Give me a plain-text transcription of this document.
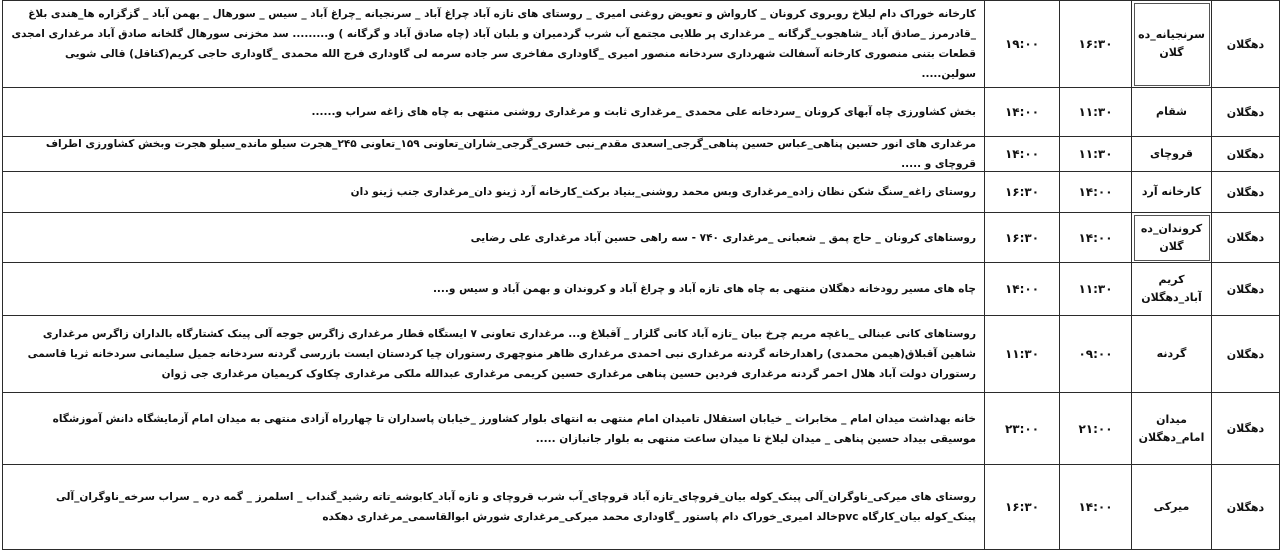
دهگلان
سرنجیانه_ده گلان
۱۶:۳۰
۱۹:۰۰
کارخانه خوراک دام لیلاخ روبروی کرونان _ کارواش و تعویض روغنی امیری _ روستای های تازه آباد چراغ آباد _ سرنجیانه _چراغ آباد _ سیس _ سورهال _ بهمن آباد _ گزگزاره ها_هندی بلاغ _قادرمرز _صادق آباد _شاهجوب_گرگانه _ مرغداری پر طلایی مجتمع آب شرب گردمیران و بلبان آباد (چاه صادق آباد و گرگانه ) و......... سد مخزنی سورهال گلخانه صادق آباد مرغداری امجدی قطعات بتنی منصوری کارخانه آسفالت شهرداری سردخانه منصور امیری _گاوداری مفاخری سر جاده سرمه لی گاوداری فرج الله محمدی _گاوداری حاجی کریم(کتاقل) قالی شویی سولین.....
دهگلان
شقام
۱۱:۳۰
۱۴:۰۰
بخش کشاورزی چاه آبهای کرونان _سردخانه علی محمدی _مرغداری ثابت و مرغداری روشنی منتهی به چاه های زاغه سراب و......
دهگلان
قروچای
۱۱:۳۰
۱۴:۰۰
مرغداری های انور حسین پناهی_عباس حسین پناهی_گرجی_اسعدی مقدم_نبی خسری_گرجی_شاران_تعاونی ۱۵۹_تعاونی ۲۴۵_هجرت سیلو مانده_سیلو هجرت وبخش کشاورزی اطراف قروچای و .....
دهگلان
کارخانه آرد
۱۴:۰۰
۱۶:۳۰
روستای زاغه_سنگ شکن نظان زاده_مرغداری وبس محمد روشنی_بنیاد برکت_کارخانه آرد ژینو دان_مرغداری جنب ژینو دان
دهگلان
کروندان_ده گلان
۱۴:۰۰
۱۶:۳۰
روستاهای کرونان _ حاج پمق _ شعبانی _مرغداری ۷۴۰ - سه راهی حسین آباد مرغداری علی رضایی
دهگلان
کریم آباد_دهگلان
۱۱:۳۰
۱۴:۰۰
چاه های مسیر رودخانه دهگلان منتهی به چاه های تازه آباد و چراغ آباد و کروندان و بهمن آباد و سیس و....
دهگلان
گردنه
۰۹:۰۰
۱۱:۳۰
روستاهای کانی عبنالی _باغچه مریم چرخ بیان _تازه آباد کانی گلزار _ آقبلاغ و... مرغداری تعاونی ۷ ایستگاه قطار مرغداری زاگرس جوجه آلی پینک کشتارگاه بالداران زاگرس مرغداری شاهین آقبلاق(هیمن محمدی) راهدارخانه گردنه مرغداری نبی احمدی مرغداری ظاهر منوچهری رستوران چیا کردستان ایست بازرسی گردنه سردخانه جمیل سلیمانی سردخانه ثریا قاسمی رستوران دولت آباد هلال احمر گردنه مرغداری فردین حسین پناهی مرغداری حسین کریمی مرغداری عبدالله ملکی مرغداری چکاوک کریمیان مرغداری جی ژوان
دهگلان
میدان امام_دهگلان
۲۱:۰۰
۲۳:۰۰
خانه بهداشت میدان امام _ مخابرات _ خیابان استقلال تامیدان امام منتهی به انتهای بلوار کشاورز _خیابان پاسداران تا چهارراه آزادی منتهی به میدان امام آزمایشگاه دانش آموزشگاه موسیقی بیداد حسین پناهی _ میدان لیلاخ تا میدان ساعت منتهی به بلوار جانبازان .....
دهگلان
میرکی
۱۴:۰۰
۱۶:۳۰
روستای های میرکی_ناوگران_آلی پینک_کوله بیان_قروچای_تازه آباد قروچای_آب شرب قروچای و تازه آباد_کابوشه_تاته رشید_گنداب _ اسلمرز _ گمه دره _ سراب سرخه_ناوگران_آلی پینک_کوله بیان_کارگاه pvcخالد امیری_خوراک دام پاستور _گاوداری محمد میرکی_مرغداری شورش ابوالقاسمی_مرغداری دهکده
